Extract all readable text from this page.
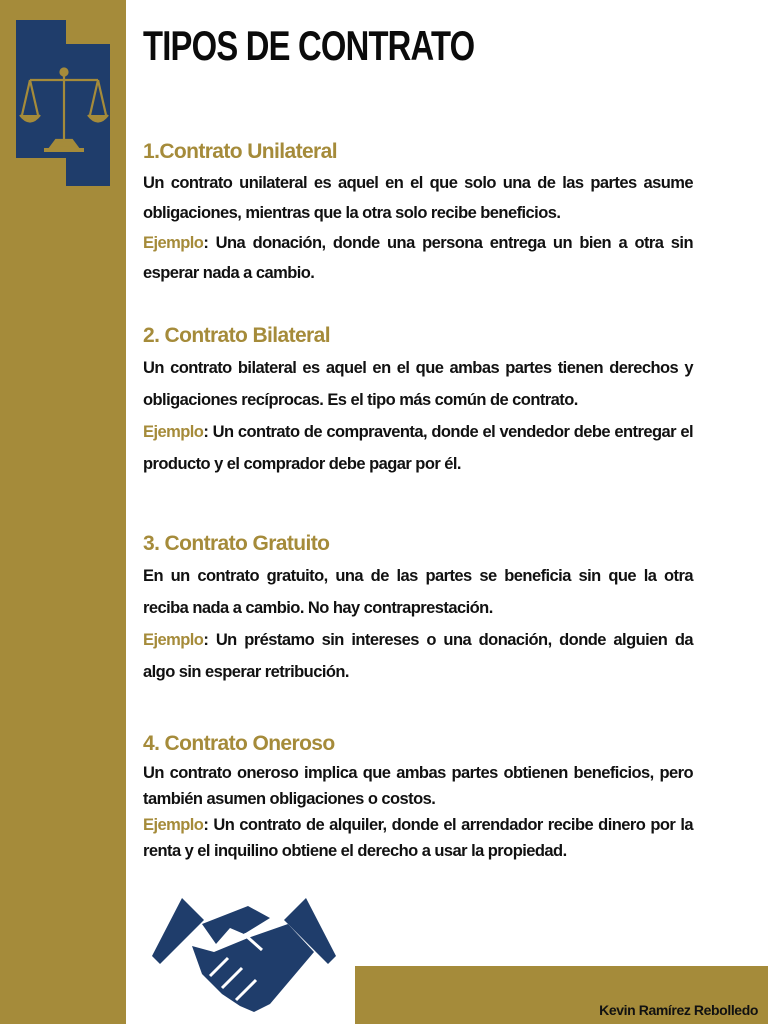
TIPOS DE CONTRATO
1.Contrato Unilateral

Un contrato unilateral es aquel en el que solo una de las partes asume obligaciones, mientras que la otra solo recibe beneficios.
Ejemplo: Una donación, donde una persona entrega un bien a otra sin esperar nada a cambio.

2. Contrato Bilateral

Un contrato bilateral es aquel en el que ambas partes tienen derechos y obligaciones recíprocas. Es el tipo más común de contrato.
Ejemplo: Un contrato de compraventa, donde el vendedor debe entregar el producto y el comprador debe pagar por él.

3. Contrato Gratuito

En un contrato gratuito, una de las partes se beneficia sin que la otra reciba nada a cambio. No hay contraprestación.
Ejemplo: Un préstamo sin intereses o una donación, donde alguien da algo sin esperar retribución.

4. Contrato Oneroso

Un contrato oneroso implica que ambas partes obtienen beneficios, pero también asumen obligaciones o costos.
Ejemplo: Un contrato de alquiler, donde el arrendador recibe dinero por la renta y el inquilino obtiene el derecho a usar la propiedad.

Kevin Ramírez Rebolledo
